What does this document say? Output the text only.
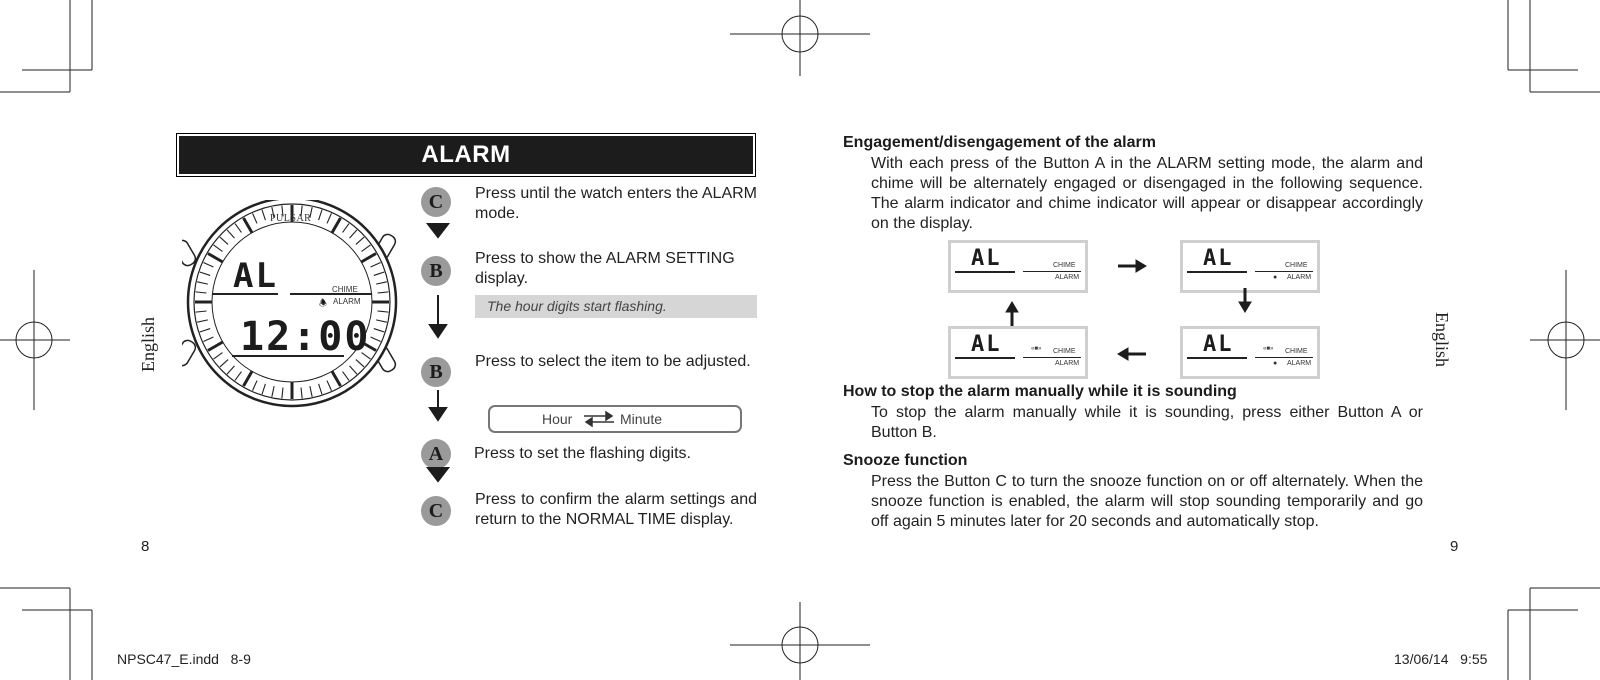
ALARM
English
PULSAR
AL
12:00
CHIME
ALARM
🕭
C	Press until the watch enters the ALARM mode.
B
Press to show the ALARM SETTING display.
The hour digits start flashing.
B	Press to select the item to be adjusted.
Hour	Minute
A	Press to set the flashing digits.
C
Press to confirm the alarm settings and return to the NORMAL TIME display.
8
Engagement/disengagement of the alarm
With each press of the Button A in the ALARM setting mode, the alarm and chime will be alternately engaged or disengaged in the following sequence. The alarm indicator and chime indicator will appear or disappear accordingly on the display.
AL	CHIME
ALARM
AL	CHIME
● ALARM
AL	«■» CHIME
● ALARM
AL	«■» CHIME
ALARM
How to stop the alarm manually while it is sounding
To stop the alarm manually while it is sounding, press either Button A or Button B.
Snooze function
Press the Button C to turn the snooze function on or off alternately. When the snooze function is enabled, the alarm will stop sounding temporarily and go off again 5 minutes later for 20 seconds and automatically stop.
English
9
NPSC47_E.indd   8-9	13/06/14   9:55
